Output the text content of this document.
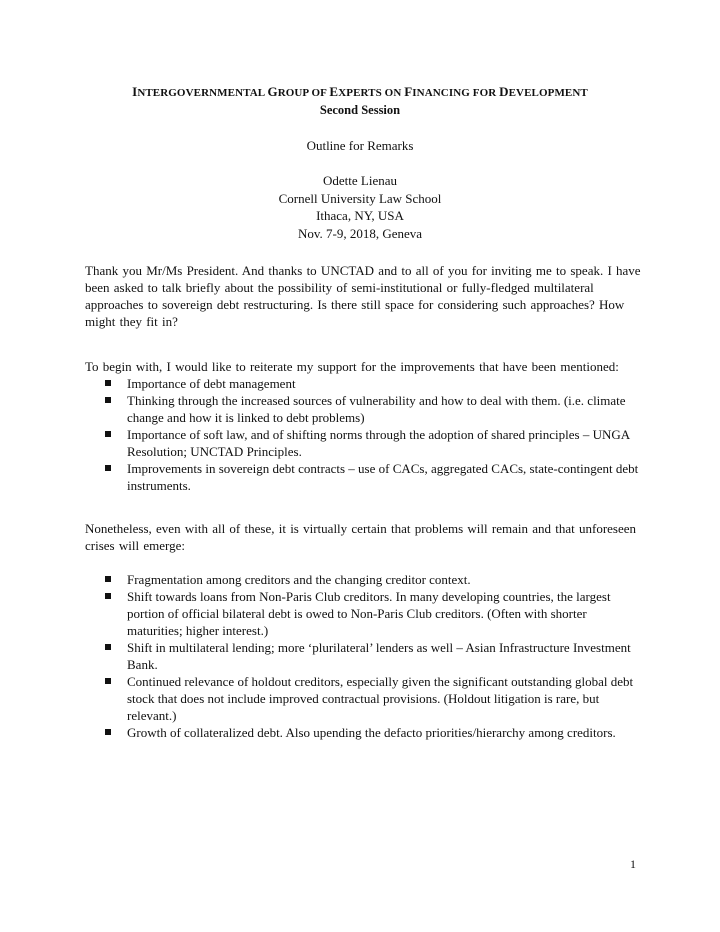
INTERGOVERNMENTAL GROUP OF EXPERTS ON FINANCING FOR DEVELOPMENT

Second Session

Outline for Remarks
Odette Lienau
Cornell University Law School
Ithaca, NY, USA
Nov. 7-9, 2018, Geneva

Thank you Mr/Ms President. And thanks to UNCTAD and to all of you for inviting me to speak. I have been asked to talk briefly about the possibility of semi-institutional or fully-fledged multilateral approaches to sovereign debt restructuring. Is there still space for considering such approaches? How might they fit in?

To begin with, I would like to reiterate my support for the improvements that have been mentioned:

Importance of debt management
Thinking through the increased sources of vulnerability and how to deal with them. (i.e. climate change and how it is linked to debt problems)
Importance of soft law, and of shifting norms through the adoption of shared principles – UNGA Resolution; UNCTAD Principles.
Improvements in sovereign debt contracts – use of CACs, aggregated CACs, state-contingent debt instruments.

Nonetheless, even with all of these, it is virtually certain that problems will remain and that unforeseen crises will emerge:

Fragmentation among creditors and the changing creditor context.
Shift towards loans from Non-Paris Club creditors. In many developing countries, the largest portion of official bilateral debt is owed to Non-Paris Club creditors. (Often with shorter maturities; higher interest.)
Shift in multilateral lending; more ‘plurilateral’ lenders as well – Asian Infrastructure Investment Bank.
Continued relevance of holdout creditors, especially given the significant outstanding global debt stock that does not include improved contractual provisions. (Holdout litigation is rare, but relevant.)
Growth of collateralized debt. Also upending the defacto priorities/hierarchy among creditors.
1
